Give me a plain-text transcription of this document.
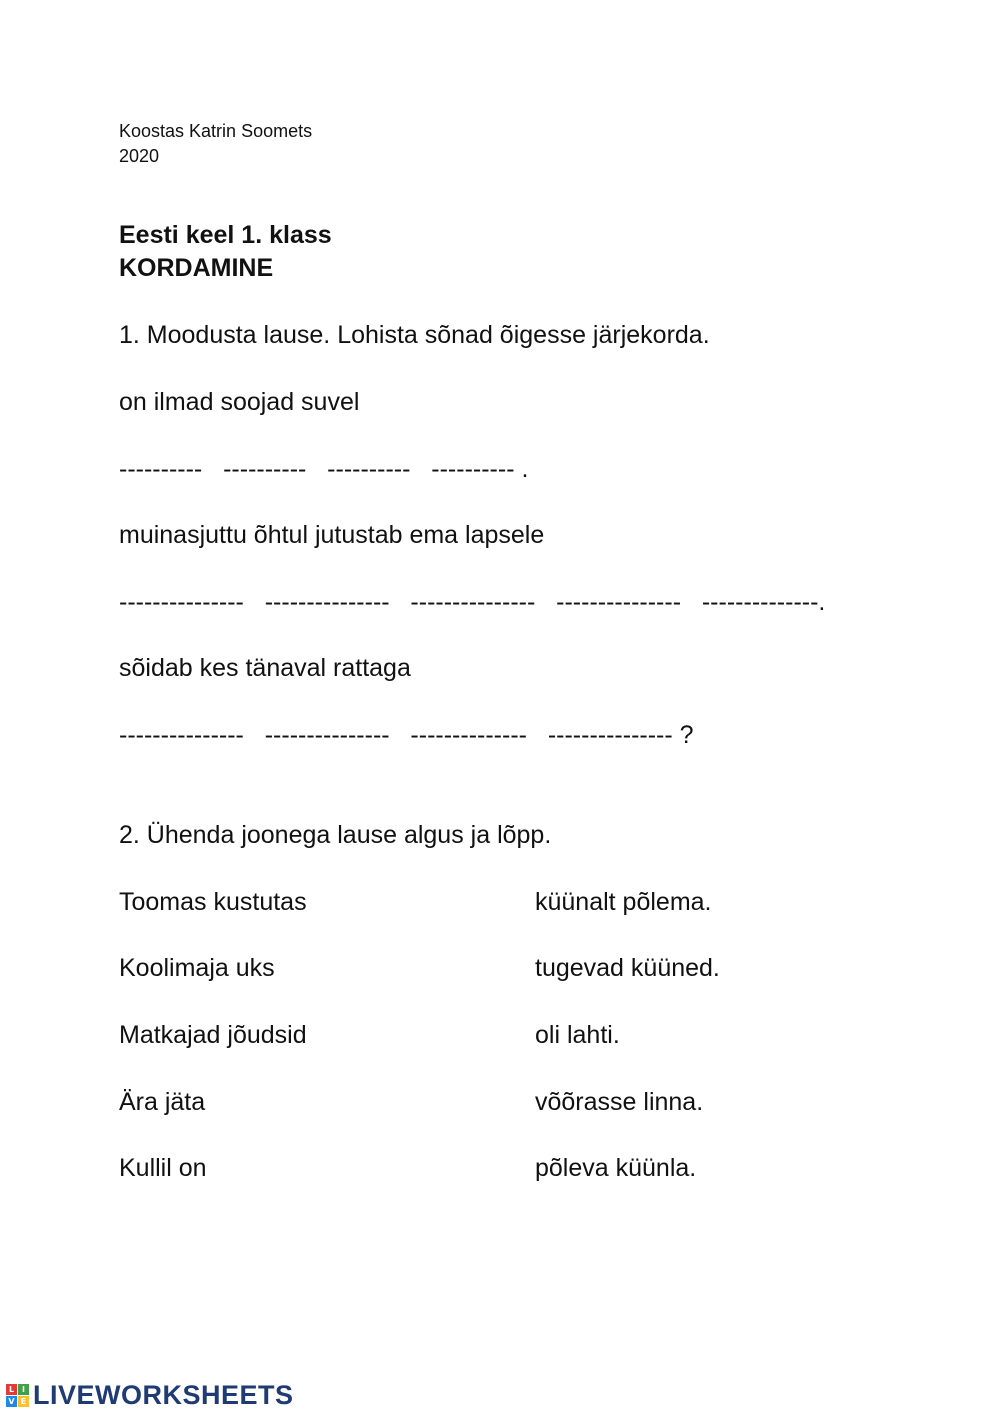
Koostas Katrin Soomets
2020
Eesti keel 1. klass
KORDAMINE
1. Moodusta lause. Lohista sõnad õigesse järjekorda.
on ilmad soojad suvel
----------   ----------   ----------   ---------- .
muinasjuttu õhtul jutustab ema lapsele
---------------   ---------------   ---------------   ---------------   --------------.
sõidab kes tänaval rattaga
---------------   ---------------   --------------   --------------- ?
2. Ühenda joonega lause algus ja lõpp.
Toomas kustutas	küünalt põlema.
Koolimaja uks	tugevad küüned.
Matkajad jõudsid	oli lahti.
Ära jäta	võõrasse linna.
Kullil on	põleva küünla.
L I
V E LIVEWORKSHEETS
